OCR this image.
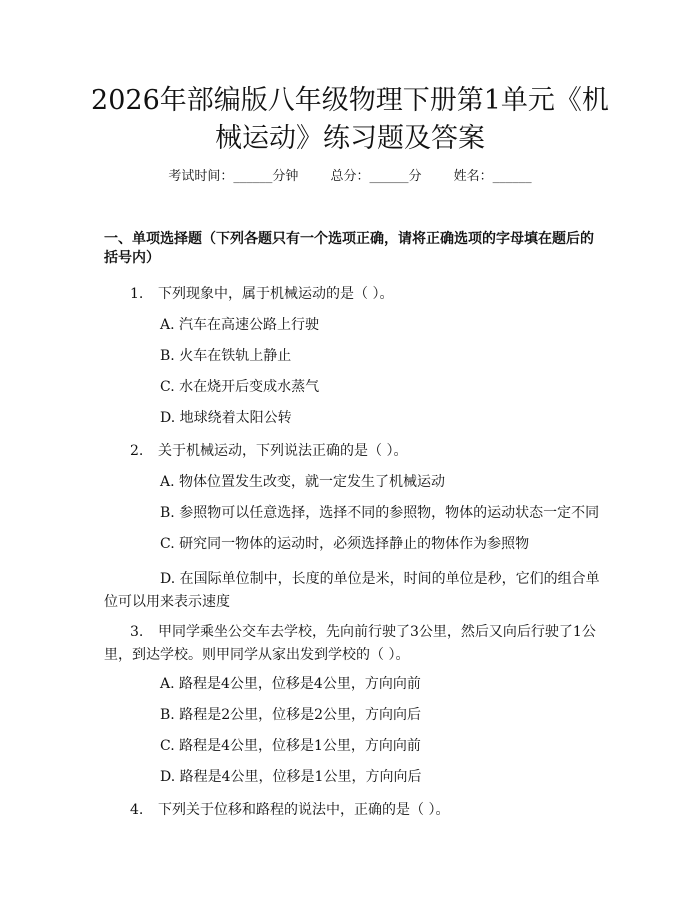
2026年部编版八年级物理下册第1单元《机械运动》练习题及答案
考试时间：______分钟 总分：______分 姓名：______
一、单项选择题（下列各题只有一个选项正确，请将正确选项的字母填在题后的括号内）
1. 下列现象中，属于机械运动的是（ ）。
A. 汽车在高速公路上行驶
B. 火车在铁轨上静止
C. 水在烧开后变成水蒸气
D. 地球绕着太阳公转
2. 关于机械运动，下列说法正确的是（ ）。
A. 物体位置发生改变，就一定发生了机械运动
B. 参照物可以任意选择，选择不同的参照物，物体的运动状态一定不同
C. 研究同一物体的运动时，必须选择静止的物体作为参照物
D. 在国际单位制中，长度的单位是米，时间的单位是秒，它们的组合单位可以用来表示速度
3. 甲同学乘坐公交车去学校，先向前行驶了3公里，然后又向后行驶了1公里，到达学校。则甲同学从家出发到学校的（ ）。
A. 路程是4公里，位移是4公里，方向向前
B. 路程是2公里，位移是2公里，方向向后
C. 路程是4公里，位移是1公里，方向向前
D. 路程是4公里，位移是1公里，方向向后
4. 下列关于位移和路程的说法中，正确的是（ ）。
